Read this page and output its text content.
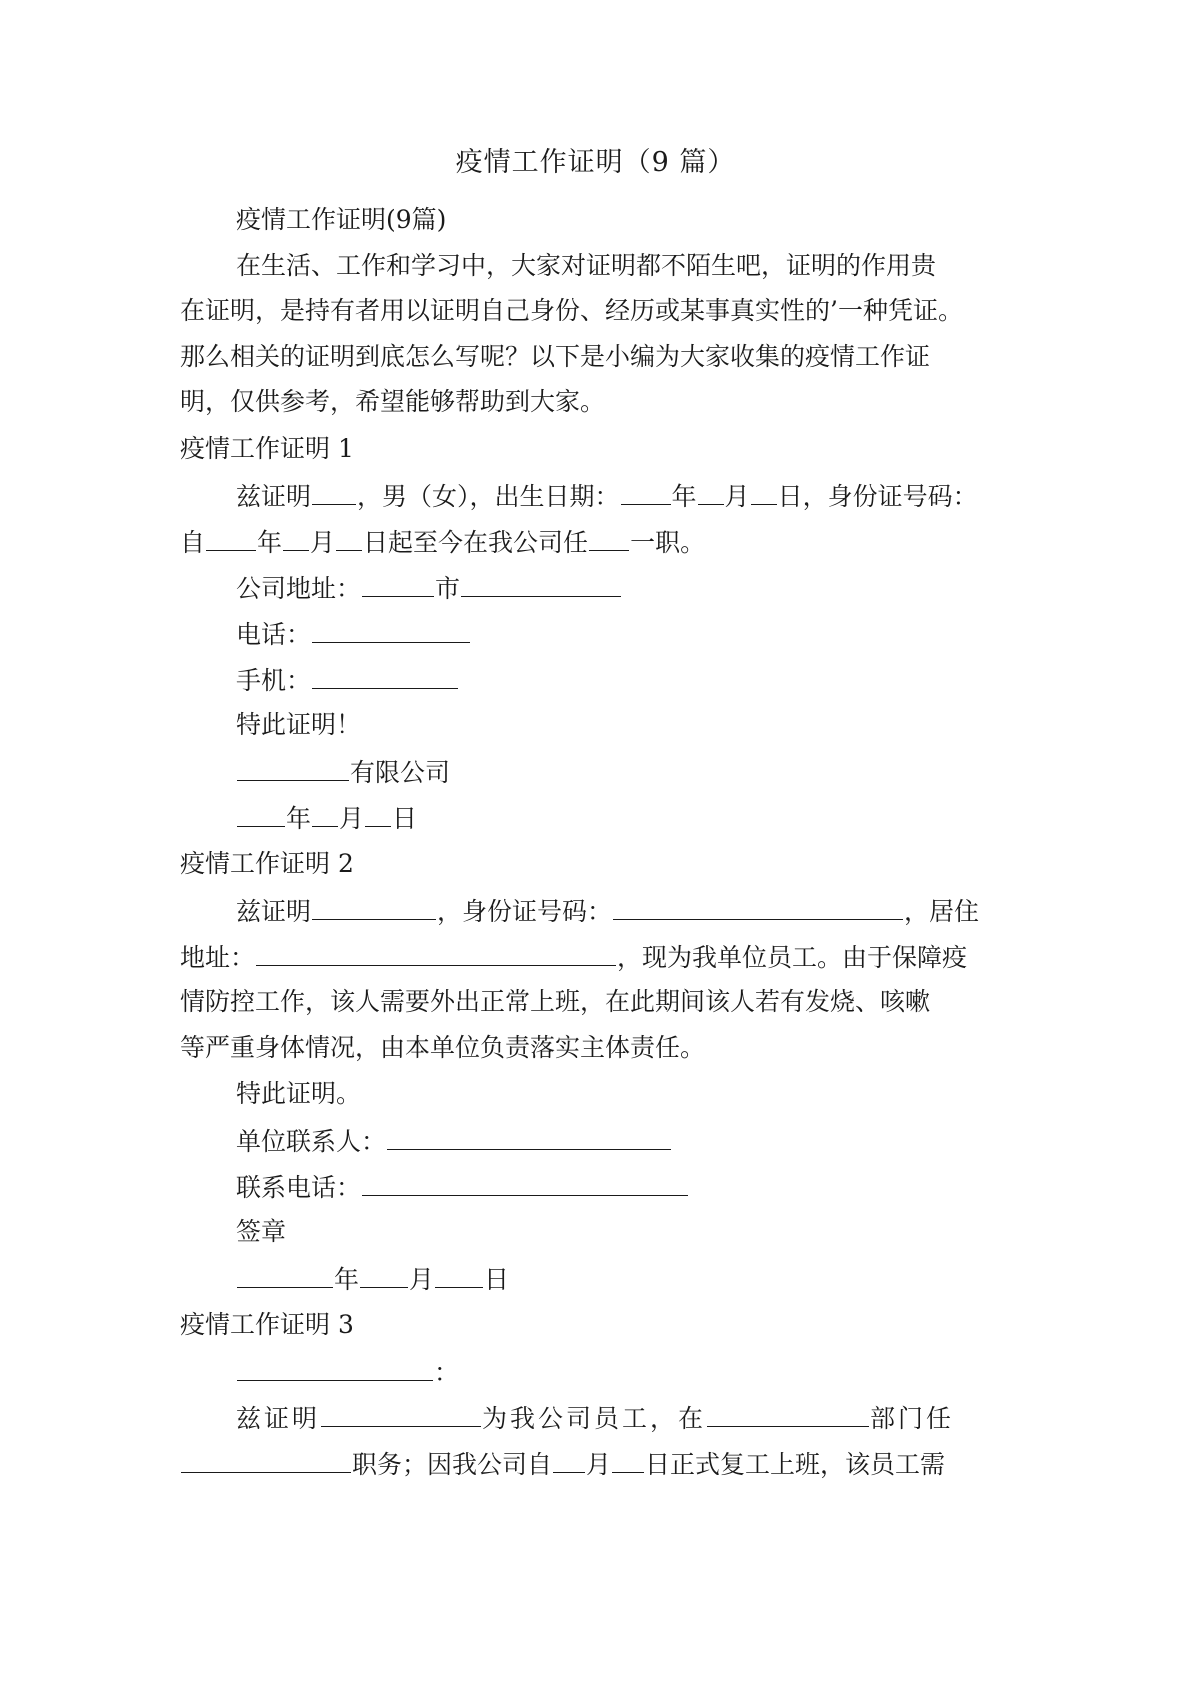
疫情工作证明（9 篇）
疫情工作证明(9篇)
在生活、工作和学习中，大家对证明都不陌生吧，证明的作用贵
在证明，是持有者用以证明自己身份、经历或某事真实性的’一种凭证。
那么相关的证明到底怎么写呢？以下是小编为大家收集的疫情工作证
明，仅供参考，希望能够帮助到大家。
疫情工作证明 1
兹证明 ，男（女），出生日期： 年 月 日，身份证号码：
自 年 月 日起至今在我公司任 一职。
公司地址：	市
电话：
手机：
特此证明！
有限公司
年 月 日
疫情工作证明 2
兹证明	，身份证号码：	，居住
地址：	，现为我单位员工。由于保障疫
情防控工作，该人需要外出正常上班，在此期间该人若有发烧、咳嗽
等严重身体情况，由本单位负责落实主体责任。
特此证明。
单位联系人：
联系电话：
签章
年 月 日
疫情工作证明 3
：
兹证明	为我公司员工，在	部门任
职务；因我公司自 月 日正式复工上班，该员工需
